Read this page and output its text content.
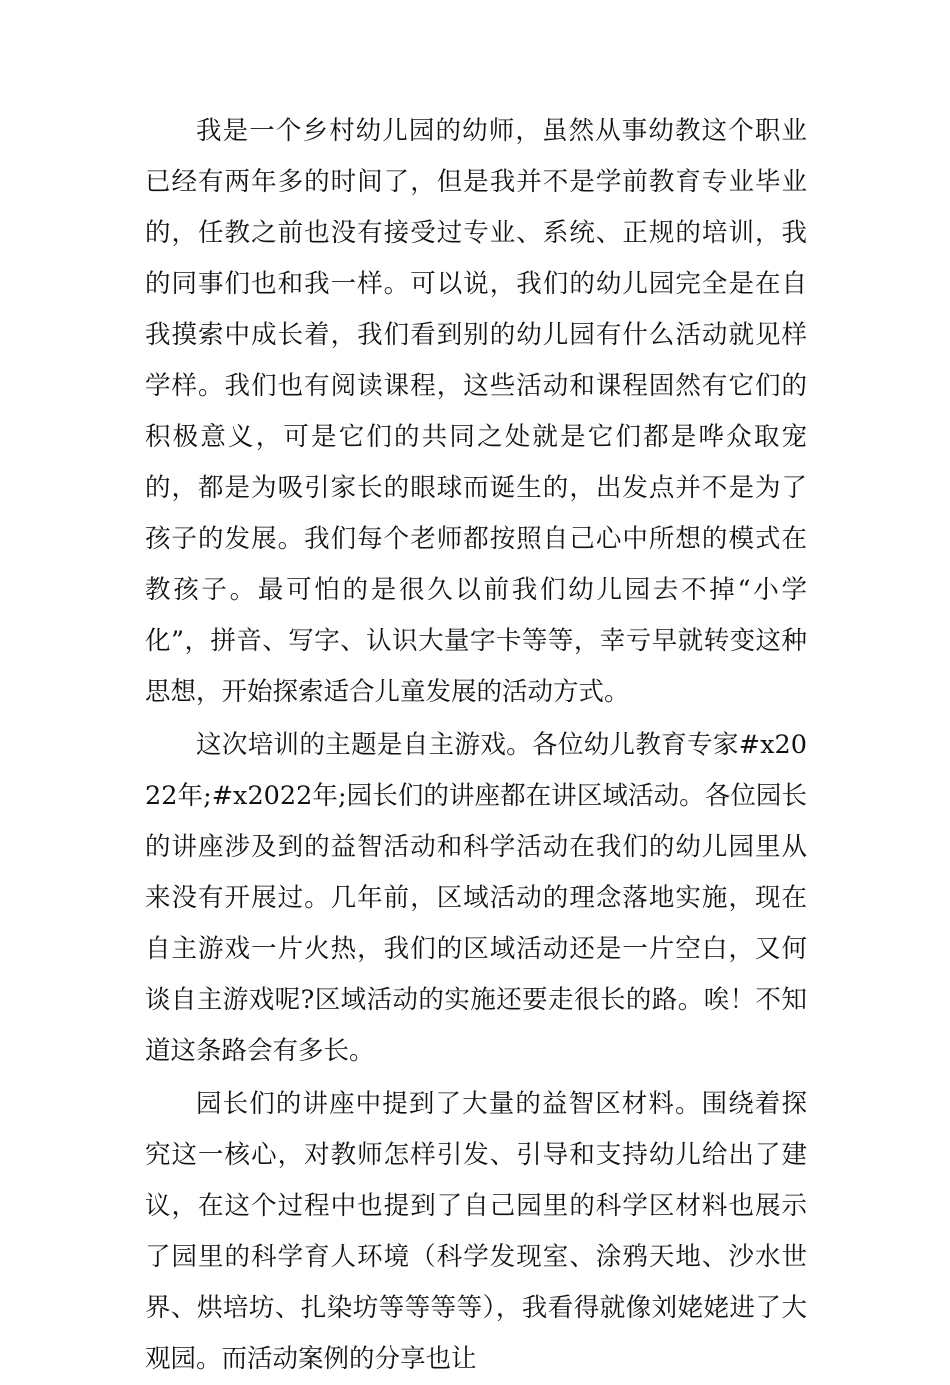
我是一个乡村幼儿园的幼师，虽然从事幼教这个职业已经有两年多的时间了，但是我并不是学前教育专业毕业的，任教之前也没有接受过专业、系统、正规的培训，我的同事们也和我一样。可以说，我们的幼儿园完全是在自我摸索中成长着，我们看到别的幼儿园有什么活动就见样学样。我们也有阅读课程，这些活动和课程固然有它们的积极意义，可是它们的共同之处就是它们都是哗众取宠的，都是为吸引家长的眼球而诞生的，出发点并不是为了孩子的发展。我们每个老师都按照自己心中所想的模式在教孩子。最可怕的是很久以前我们幼儿园去不掉“小学化”，拼音、写字、认识大量字卡等等，幸亏早就转变这种思想，开始探索适合儿童发展的活动方式。

这次培训的主题是自主游戏。各位幼儿教育专家#x2022年;#x2022年;园长们的讲座都在讲区域活动。各位园长的讲座涉及到的益智活动和科学活动在我们的幼儿园里从来没有开展过。几年前，区域活动的理念落地实施，现在自主游戏一片火热，我们的区域活动还是一片空白，又何谈自主游戏呢?区域活动的实施还要走很长的路。唉！不知道这条路会有多长。

园长们的讲座中提到了大量的益智区材料。围绕着探究这一核心，对教师怎样引发、引导和支持幼儿给出了建议，在这个过程中也提到了自己园里的科学区材料也展示了园里的科学育人环境（科学发现室、涂鸦天地、沙水世界、烘培坊、扎染坊等等等等），我看得就像刘姥姥进了大观园。而活动案例的分享也让
